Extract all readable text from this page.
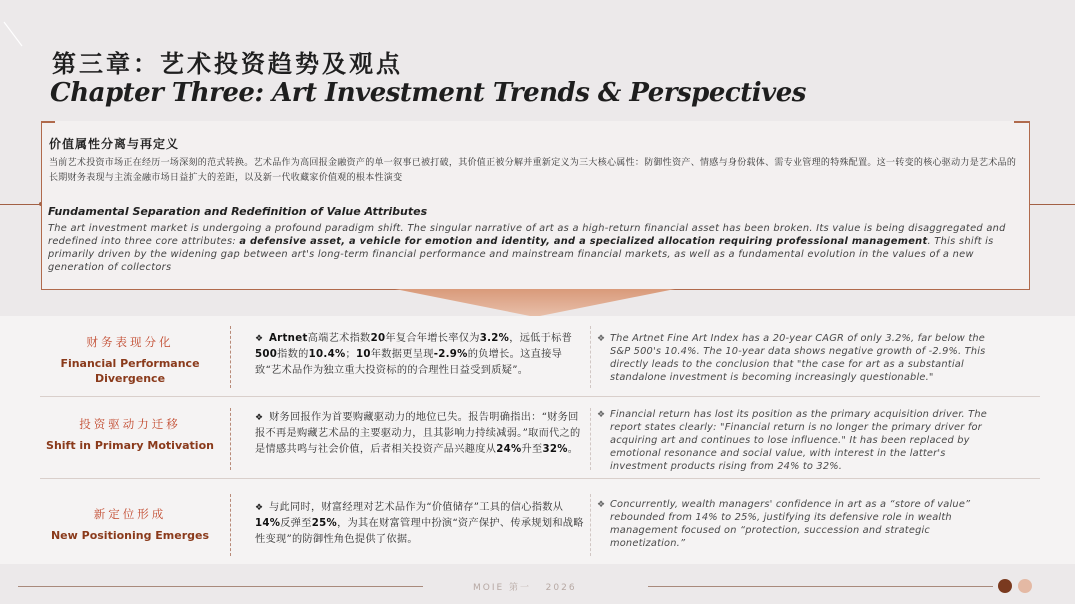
第三章：艺术投资趋势及观点
Chapter Three: Art Investment Trends & Perspectives
价值属性分离与再定义
当前艺术投资市场正在经历一场深刻的范式转换。艺术品作为高回报金融资产的单一叙事已被打破，其价值正被分解并重新定义为三大核心属性：防御性资产、情感与身份载体、需专业管理的特殊配置。这一转变的核心驱动力是艺术品的长期财务表现与主流金融市场日益扩大的差距，以及新一代收藏家价值观的根本性演变
Fundamental Separation and Redefinition of Value Attributes
The art investment market is undergoing a profound paradigm shift. The singular narrative of art as a high-return financial asset has been broken. Its value is being disaggregated and redefined into three core attributes: a defensive asset, a vehicle for emotion and identity, and a specialized allocation requiring professional management. This shift is primarily driven by the widening gap between art's long-term financial performance and mainstream financial markets, as well as a fundamental evolution in the values of a new generation of collectors
财务表现分化
Financial Performance Divergence
❖ Artnet高端艺术指数20年复合年增长率仅为3.2%，远低于标普500指数的10.4%；10年数据更呈现-2.9%的负增长。这直接导致“艺术品作为独立重大投资标的的合理性日益受到质疑”。
❖ The Artnet Fine Art Index has a 20-year CAGR of only 3.2%, far below the S&P 500's 10.4%. The 10-year data shows negative growth of -2.9%. This directly leads to the conclusion that "the case for art as a substantial standalone investment is becoming increasingly questionable."
投资驱动力迁移
Shift in Primary Motivation
❖ 财务回报作为首要购藏驱动力的地位已失。报告明确指出：“财务回报不再是购藏艺术品的主要驱动力，且其影响力持续减弱。”取而代之的是情感共鸣与社会价值，后者相关投资产品兴趣度从24%升至32%。
❖ Financial return has lost its position as the primary acquisition driver. The report states clearly: "Financial return is no longer the primary driver for acquiring art and continues to lose influence." It has been replaced by emotional resonance and social value, with interest in the latter's investment products rising from 24% to 32%.
新定位形成
New Positioning Emerges
❖ 与此同时，财富经理对艺术品作为“价值储存”工具的信心指数从14%反弹至25%，为其在财富管理中扮演“资产保护、传承规划和战略性变现”的防御性角色提供了依据。
❖ Concurrently, wealth managers' confidence in art as a “store of value” rebounded from 14% to 25%, justifying its defensive role in wealth management focused on “protection, succession and strategic monetization.”
MOIE 第一 2026
